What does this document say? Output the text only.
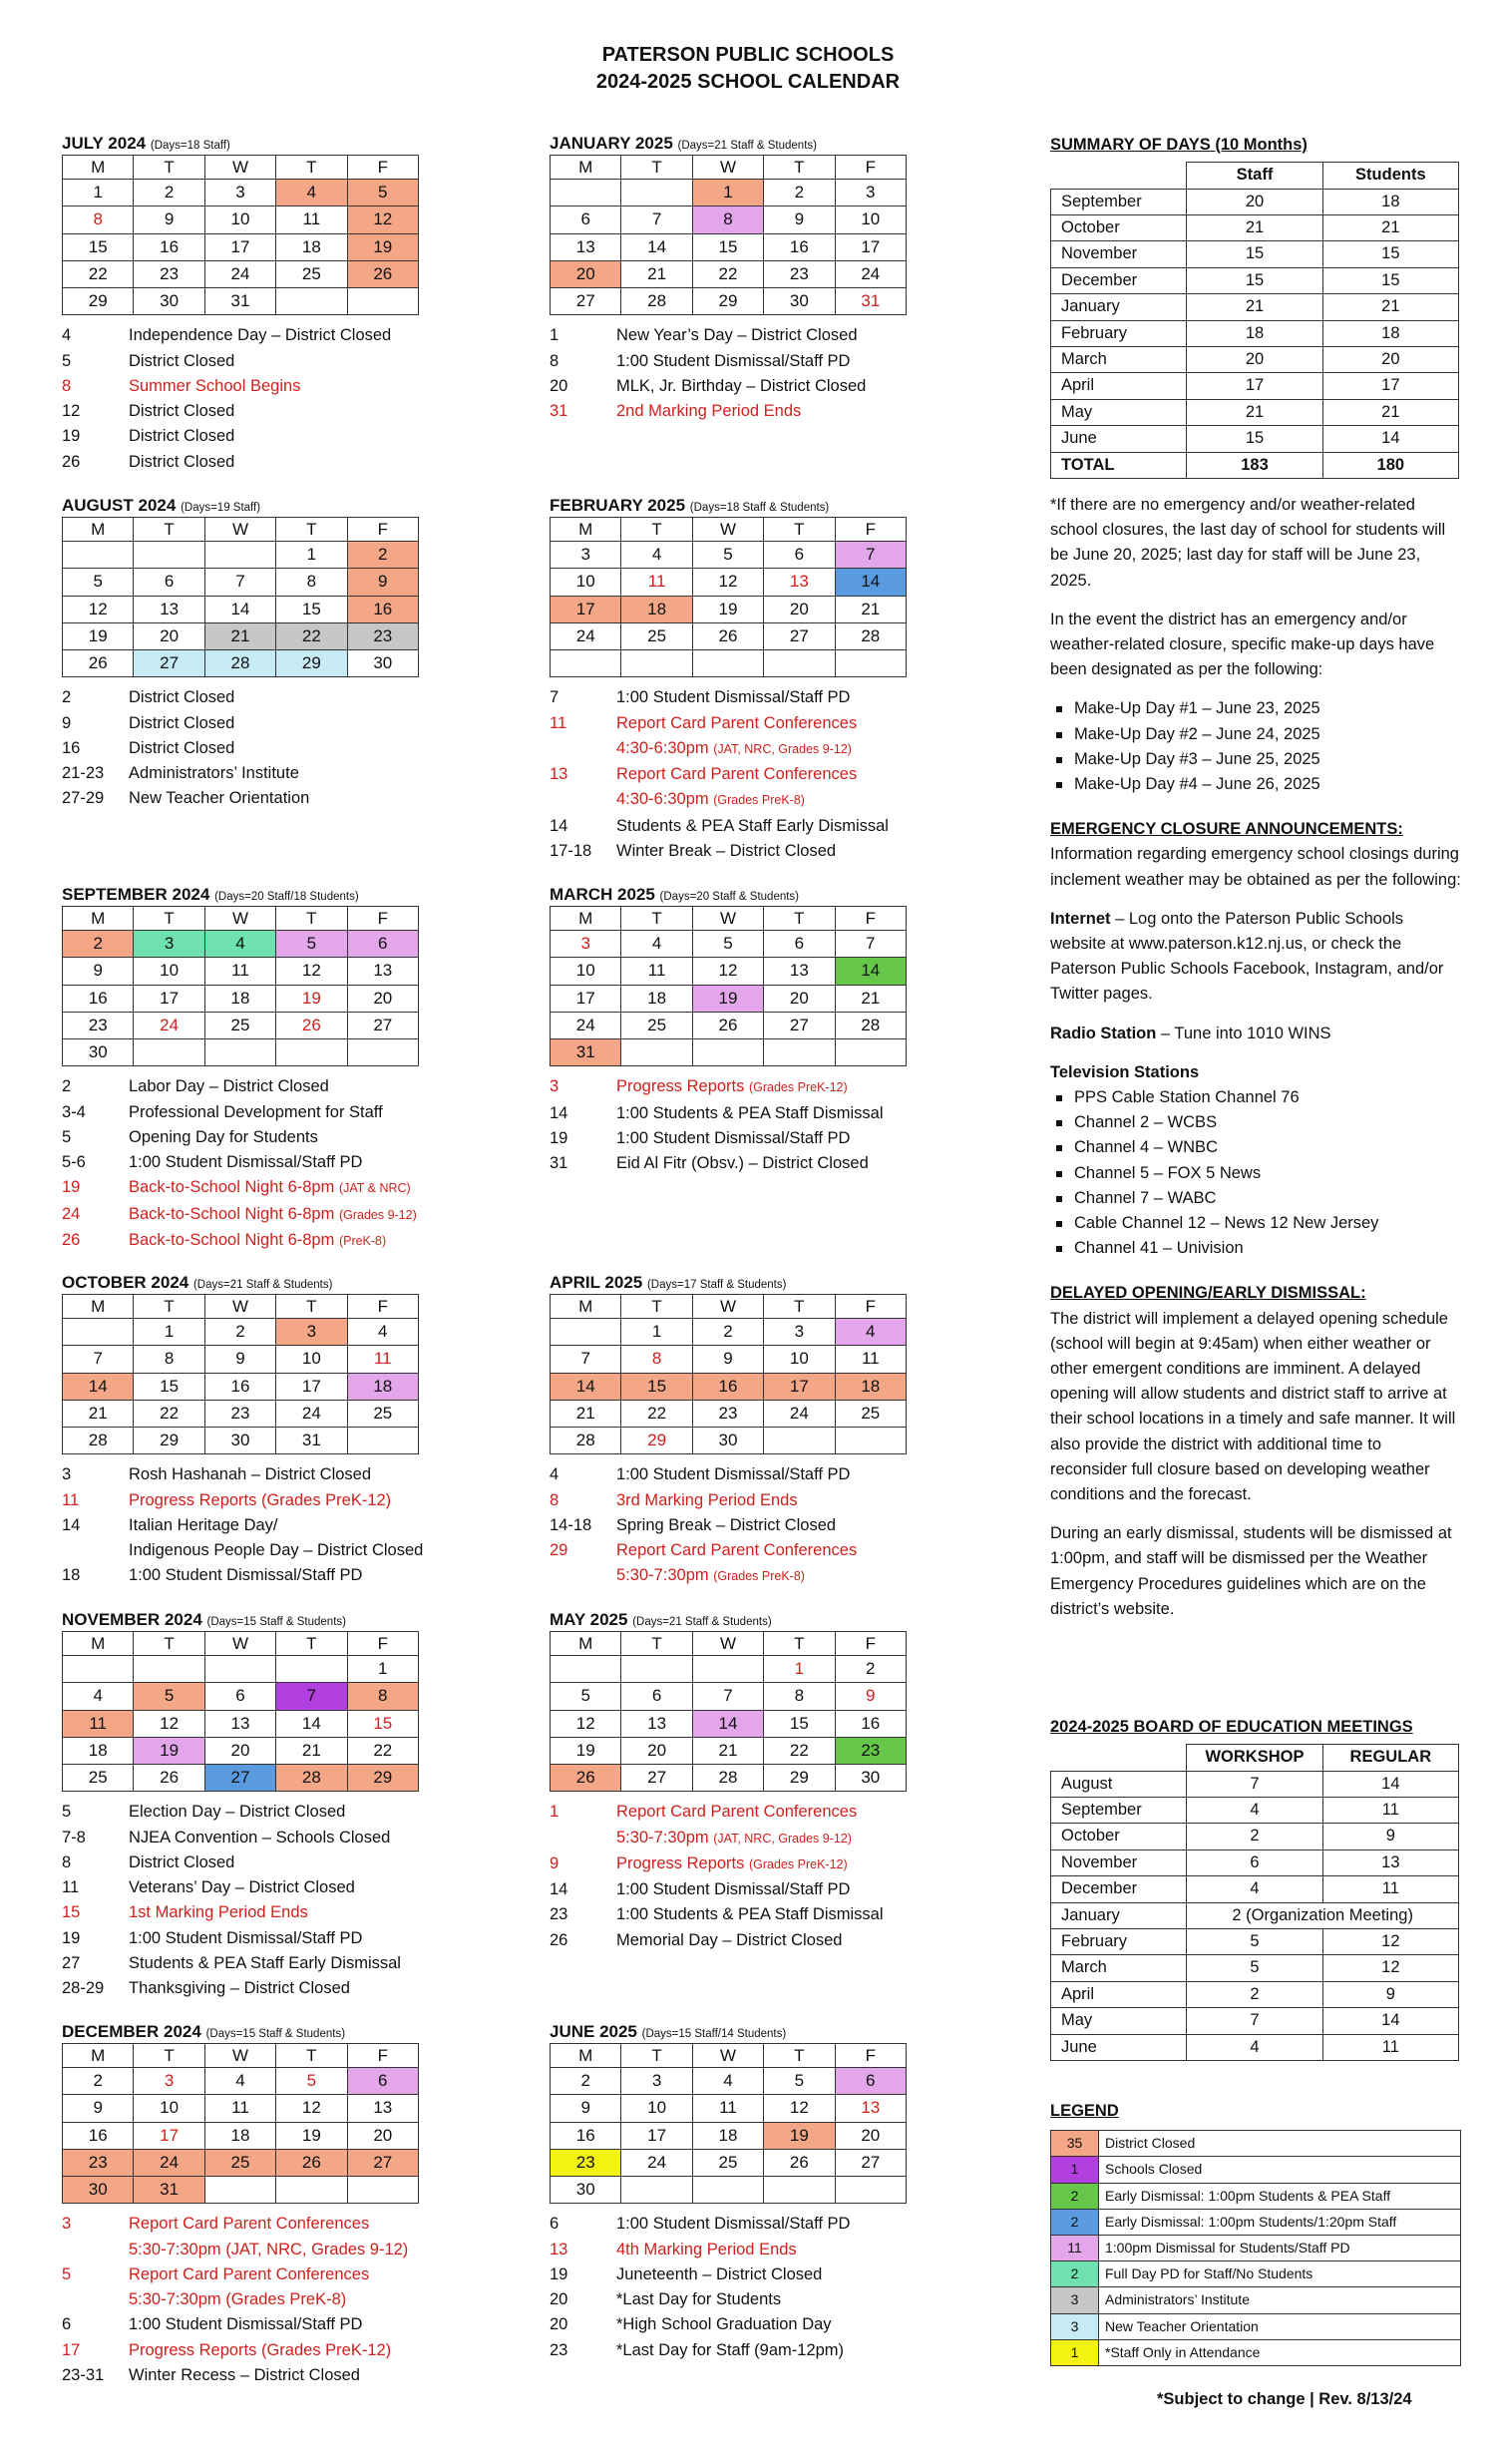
PATERSON PUBLIC SCHOOLS
2024-2025 SCHOOL CALENDAR
JULY 2024 (Days=18 Staff)
M	T	W	T	F
1	2	3	4	5
8	9	10	11	12
15	16	17	18	19
22	23	24	25	26
29	30	31		
4	Independence Day – District Closed
5	District Closed
8	Summer School Begins
12	District Closed
19	District Closed
26	District Closed
AUGUST 2024 (Days=19 Staff)
M	T	W	T	F
			1	2
5	6	7	8	9
12	13	14	15	16
19	20	21	22	23
26	27	28	29	30
2	District Closed
9	District Closed
16	District Closed
21-23	Administrators’ Institute
27-29	New Teacher Orientation
SEPTEMBER 2024 (Days=20 Staff/18 Students)
M	T	W	T	F
2	3	4	5	6
9	10	11	12	13
16	17	18	19	20
23	24	25	26	27
30				
2	Labor Day – District Closed
3-4	Professional Development for Staff
5	Opening Day for Students
5-6	1:00 Student Dismissal/Staff PD
19	Back-to-School Night 6-8pm (JAT & NRC)
24	Back-to-School Night 6-8pm (Grades 9-12)
26	Back-to-School Night 6-8pm (PreK-8)
OCTOBER 2024 (Days=21 Staff & Students)
M	T	W	T	F
	1	2	3	4
7	8	9	10	11
14	15	16	17	18
21	22	23	24	25
28	29	30	31	
3	Rosh Hashanah – District Closed
11	Progress Reports (Grades PreK-12)
14	Italian Heritage Day/
Indigenous People Day – District Closed
18	1:00 Student Dismissal/Staff PD
NOVEMBER 2024 (Days=15 Staff & Students)
M	T	W	T	F
				1
4	5	6	7	8
11	12	13	14	15
18	19	20	21	22
25	26	27	28	29
5	Election Day – District Closed
7-8	NJEA Convention – Schools Closed
8	District Closed
11	Veterans’ Day – District Closed
15	1st Marking Period Ends
19	1:00 Student Dismissal/Staff PD
27	Students & PEA Staff Early Dismissal
28-29	Thanksgiving – District Closed
DECEMBER 2024 (Days=15 Staff & Students)
M	T	W	T	F
2	3	4	5	6
9	10	11	12	13
16	17	18	19	20
23	24	25	26	27
30	31			
3	Report Card Parent Conferences
5:30-7:30pm (JAT, NRC, Grades 9-12)
5	Report Card Parent Conferences
5:30-7:30pm (Grades PreK-8)
6	1:00 Student Dismissal/Staff PD
17	Progress Reports (Grades PreK-12)
23-31	Winter Recess – District Closed
JANUARY 2025 (Days=21 Staff & Students)
M	T	W	T	F
		1	2	3
6	7	8	9	10
13	14	15	16	17
20	21	22	23	24
27	28	29	30	31
1	New Year’s Day – District Closed
8	1:00 Student Dismissal/Staff PD
20	MLK, Jr. Birthday – District Closed
31	2nd Marking Period Ends
FEBRUARY 2025 (Days=18 Staff & Students)
M	T	W	T	F
3	4	5	6	7
10	11	12	13	14
17	18	19	20	21
24	25	26	27	28

7	1:00 Student Dismissal/Staff PD
11	Report Card Parent Conferences
4:30-6:30pm (JAT, NRC, Grades 9-12)
13	Report Card Parent Conferences
4:30-6:30pm (Grades PreK-8)
14	Students & PEA Staff Early Dismissal
17-18	Winter Break – District Closed
MARCH 2025 (Days=20 Staff & Students)
M	T	W	T	F
3	4	5	6	7
10	11	12	13	14
17	18	19	20	21
24	25	26	27	28
31				
3	Progress Reports (Grades PreK-12)
14	1:00 Students & PEA Staff Dismissal
19	1:00 Student Dismissal/Staff PD
31	Eid Al Fitr (Obsv.) – District Closed
APRIL 2025 (Days=17 Staff & Students)
M	T	W	T	F
	1	2	3	4
7	8	9	10	11
14	15	16	17	18
21	22	23	24	25
28	29	30		
4	1:00 Student Dismissal/Staff PD
8	3rd Marking Period Ends
14-18	Spring Break – District Closed
29	Report Card Parent Conferences
5:30-7:30pm (Grades PreK-8)
MAY 2025 (Days=21 Staff & Students)
M	T	W	T	F
			1	2
5	6	7	8	9
12	13	14	15	16
19	20	21	22	23
26	27	28	29	30
1	Report Card Parent Conferences
5:30-7:30pm (JAT, NRC, Grades 9-12)
9	Progress Reports (Grades PreK-12)
14	1:00 Student Dismissal/Staff PD
23	1:00 Students & PEA Staff Dismissal
26	Memorial Day – District Closed
JUNE 2025 (Days=15 Staff/14 Students)
M	T	W	T	F
2	3	4	5	6
9	10	11	12	13
16	17	18	19	20
23	24	25	26	27
30				
6	1:00 Student Dismissal/Staff PD
13	4th Marking Period Ends
19	Juneteenth – District Closed
20	*Last Day for Students
20	*High School Graduation Day
23	*Last Day for Staff (9am-12pm)
SUMMARY OF DAYS (10 Months)
	Staff	Students
September	20	18
October	21	21
November	15	15
December	15	15
January	21	21
February	18	18
March	20	20
April	17	17
May	21	21
June	15	14
TOTAL	183	180
*If there are no emergency and/or weather-related school closures, the last day of school for students will be June 20, 2025; last day for staff will be June 23, 2025.
In the event the district has an emergency and/or weather-related closure, specific make-up days have been designated as per the following:
Make-Up Day #1 – June 23, 2025
Make-Up Day #2 – June 24, 2025
Make-Up Day #3 – June 25, 2025
Make-Up Day #4 – June 26, 2025
EMERGENCY CLOSURE ANNOUNCEMENTS:
Information regarding emergency school closings during inclement weather may be obtained as per the following:
Internet – Log onto the Paterson Public Schools website at www.paterson.k12.nj.us, or check the Paterson Public Schools Facebook, Instagram, and/or Twitter pages.
Radio Station – Tune into 1010 WINS
Television Stations
PPS Cable Station Channel 76
Channel 2 – WCBS
Channel 4 – WNBC
Channel 5 – FOX 5 News
Channel 7 – WABC
Cable Channel 12 – News 12 New Jersey
Channel 41 – Univision
DELAYED OPENING/EARLY DISMISSAL:
The district will implement a delayed opening schedule (school will begin at 9:45am) when either weather or other emergent conditions are imminent. A delayed opening will allow students and district staff to arrive at their school locations in a timely and safe manner. It will also provide the district with additional time to reconsider full closure based on developing weather conditions and the forecast.
During an early dismissal, students will be dismissed at 1:00pm, and staff will be dismissed per the Weather Emergency Procedures guidelines which are on the district’s website.
2024-2025 BOARD OF EDUCATION MEETINGS
	WORKSHOP	REGULAR
August	7	14
September	4	11
October	2	9
November	6	13
December	4	11
January	2 (Organization Meeting)	
February	5	12
March	5	12
April	2	9
May	7	14
June	4	11
LEGEND
35	District Closed
1	Schools Closed
2	Early Dismissal: 1:00pm Students & PEA Staff
2	Early Dismissal: 1:00pm Students/1:20pm Staff
11	1:00pm Dismissal for Students/Staff PD
2	Full Day PD for Staff/No Students
3	Administrators’ Institute
3	New Teacher Orientation
1	*Staff Only in Attendance
*Subject to change | Rev. 8/13/24
